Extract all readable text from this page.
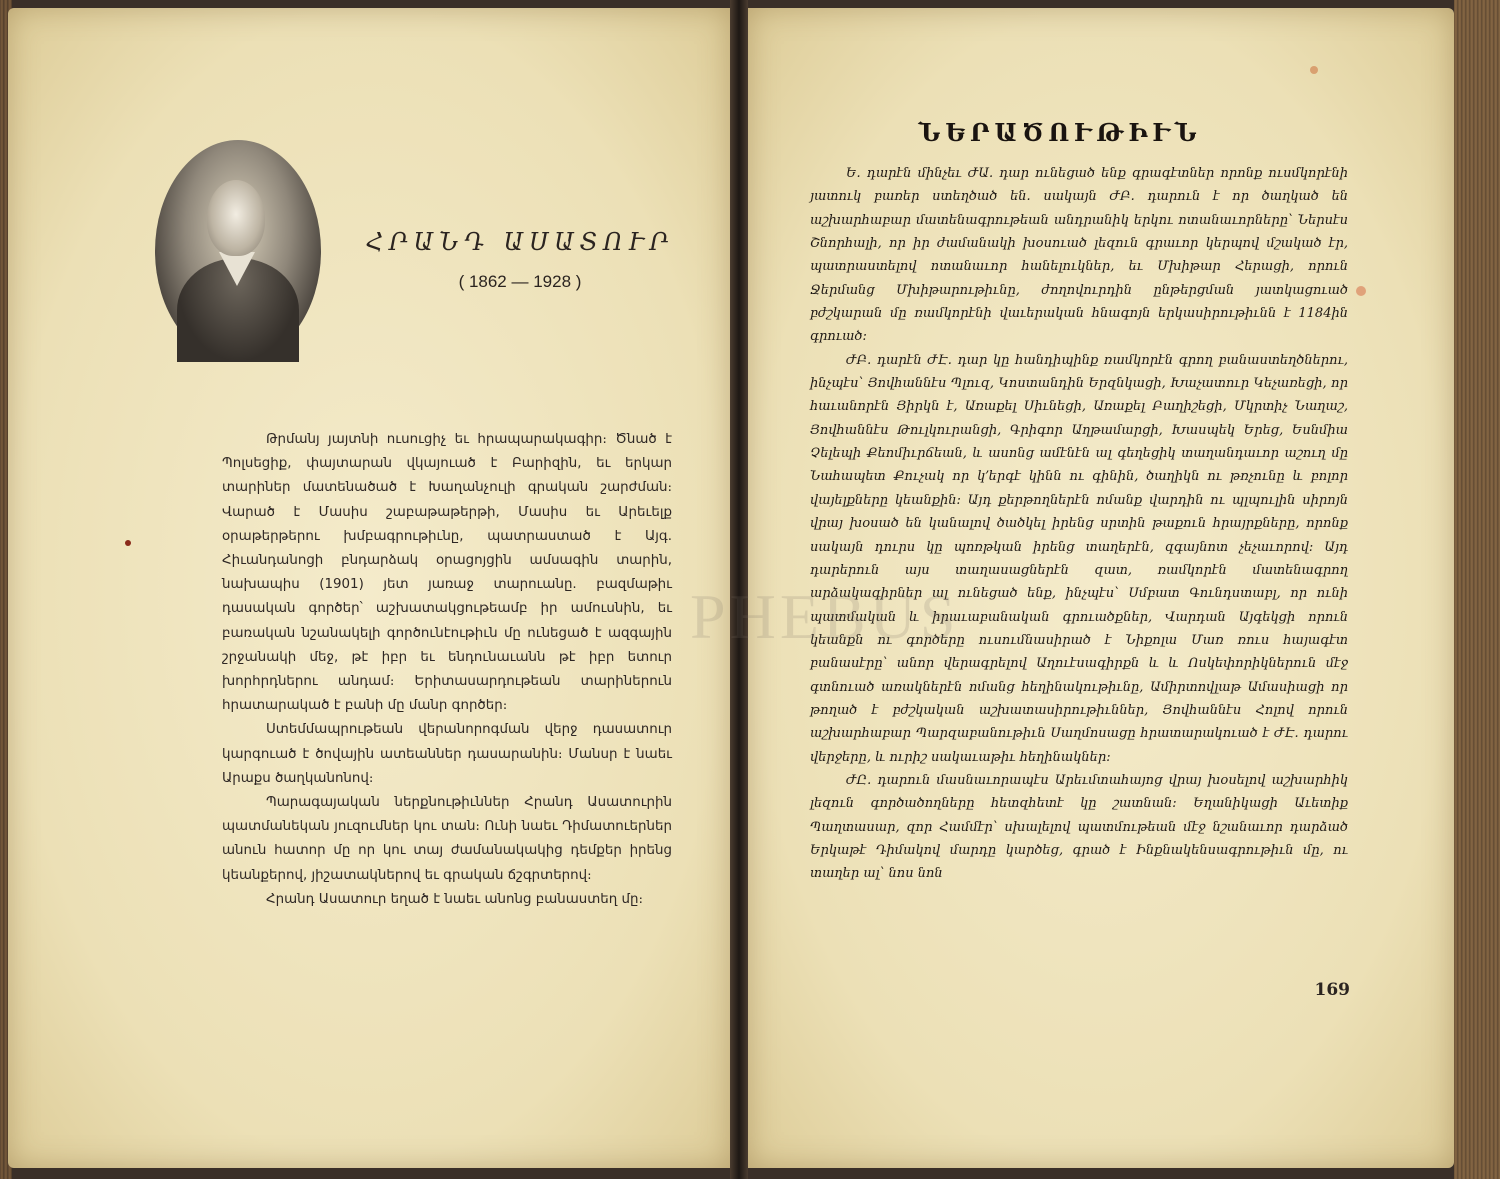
ՀՐԱՆԴ ԱՍԱՏՈՒՐ
( 1862 — 1928 )

Թրմանյ յայտնի ուսուցիչ եւ հրապարակագիր։ Ծնած է Պոլսեցիք, փայտարան վկայուած է Բարիզին, եւ երկար տարիներ մատենածած է Խաղանչուլի գրական շարժման։ Վարած է Մասիս շաբաթաթերթի, Մասիս եւ Արեւելք օրաթերթերու խմբագրութիւնը, պատրաստած է Այգ. Հիւանդանոցի բնդարձակ օրացոյցին ամսագին տարին, նախապիս (1901) յետ յառաջ տարուանը. բազմաթիւ դասական գործեր՝ աշխատակցութեամբ իր ամուսնին, եւ բառական նշանակելի գործունէութիւն մը ունեցած է ազգային շրջանակի մեջ, թէ իբր եւ ենդունաւանն թէ իբր ետուր խորհրդներու անդամ։ Երիտասարդութեան տարիներուն հրատարակած է բանի մը մանր գործեր։

Ստեմմապրութեան վերանորոգման վերջ դասատուր կարգուած է ծովային ատեաններ դասարանին։ Մանսր է նաեւ Արաքս ծաղկանոնով։

Պարագայական ներքնութիւններ Հրանդ Ասատուրին պատմանեկան յուզումներ կու տան։ Ունի նաեւ Դիմատուերներ անուն հատոր մը որ կու տայ ժամանակակից դեմքեր իրենց կեանքերով, յիշատակներով եւ գրական ճշգրտերով։

Հրանդ Ասատուր եղած է նաեւ անոնց բանաստեղ մը։

ՆԵՐԱԾՈՒԹԻՒՆ

Ե. դարէն մինչեւ ԺԱ. դար ունեցած ենք գրագէտներ որոնք ուսմկորէնի յատուկ բառեր ստեղծած են. սակայն ԺԲ. դարուն է որ ծաղկած են աշխարհաբար մատենագրութեան անդրանիկ երկու ոտանաւորները՝ Ներսէս Շնորհալի, որ իր ժամանակի խօսուած լեզուն գրաւոր կերպով մշակած էր, պատրաստելով ոտանաւոր հանելուկներ, եւ Մխիթար Հերացի, որուն Ջերմանց Մխիթարութիւնը, ժողովուրդին ընթերցման յատկացուած բժշկարան մը ռամկորէնի վաւերական հնագոյն երկասիրութիւնն է 1184ին գրուած։

ԺԲ. դարէն ԺԷ. դար կը հանդիպինք ռամկորէն գրող բանաստեղծներու, ինչպէս՝ Յովհաննէս Պլուզ, Կոստանդին Երզնկացի, Խաչատուր Կեչառեցի, որ հաւանորէն Յիրկն է, Առաքել Սիւնեցի, Առաքել Բաղիշեցի, Մկրտիչ Նաղաշ, Յովհաննէս Թուլկուրանցի, Գրիգոր Աղթամարցի, Խասպեկ Երեց, Եսնմիա Չելեպի Քեոմիւրճեան, և ասոնց ամէնէն ալ գեղեցիկ տաղանդաւոր աշուղ մը Նահապետ Քուչակ որ կ՚երգէ կինն ու գինին, ծաղիկն ու թռչունը և բոլոր վայելքները կեանքին։ Այդ քերթողներէն ոմանք վարդին ու պլպուլին սիրոյն վրայ խօսած են կանալով ծածկել իրենց սրտին թաքուն հրայրքները, որոնք սակայն դուրս կը պոռթկան իրենց տաղերէն, զգայնոտ չեչաւորով։ Այդ դարերուն այս տաղասացներէն զատ, ռամկորէն մատենագրող արձակագիրներ ալ ունեցած ենք, ինչպէս՝ Սմբատ Գունդստաբլ, որ ունի պատմական և իրաւաբանական գրուածքներ, Վարդան Այգեկցի որուն կեանքն ու գործերը ուսումնասիրած է Նիքոլա Մառ ռուս հայագէտ բանասէրը՝ անոր վերագրելով Աղուէսագիրքն և և Ոսկեփորիկներուն մէջ գտնուած առակներէն ոմանց հեղինակութիւնը, Ամիրտովլաթ Ամասիացի որ թողած է բժշկական աշխատասիրութիւններ, Յովհաննէս Հոլով որուն աշխարհաբար Պարզաբանութիւն Սաղմոսացը հրատարակուած է ԺԷ. դարու վերջերը, և ուրիշ սակաւաթիւ հեղինակներ։

ԺԸ. դարուն մասնաւորապէս Արեւմտահայոց վրայ խօսելով աշխարհիկ լեզուն գործածողները հետզհետէ կը շատնան։ Եղանիկացի Աւետիք Պաղտասար, զոր Համմէր՝ սխալելով պատմութեան մէջ նշանաւոր դարձած Երկաթէ Դիմակով մարդը կարծեց, գրած է Ինքնակենսագրութիւն մը, ու տաղեր ալ՝ նոս նոն

169
PHEBUS
